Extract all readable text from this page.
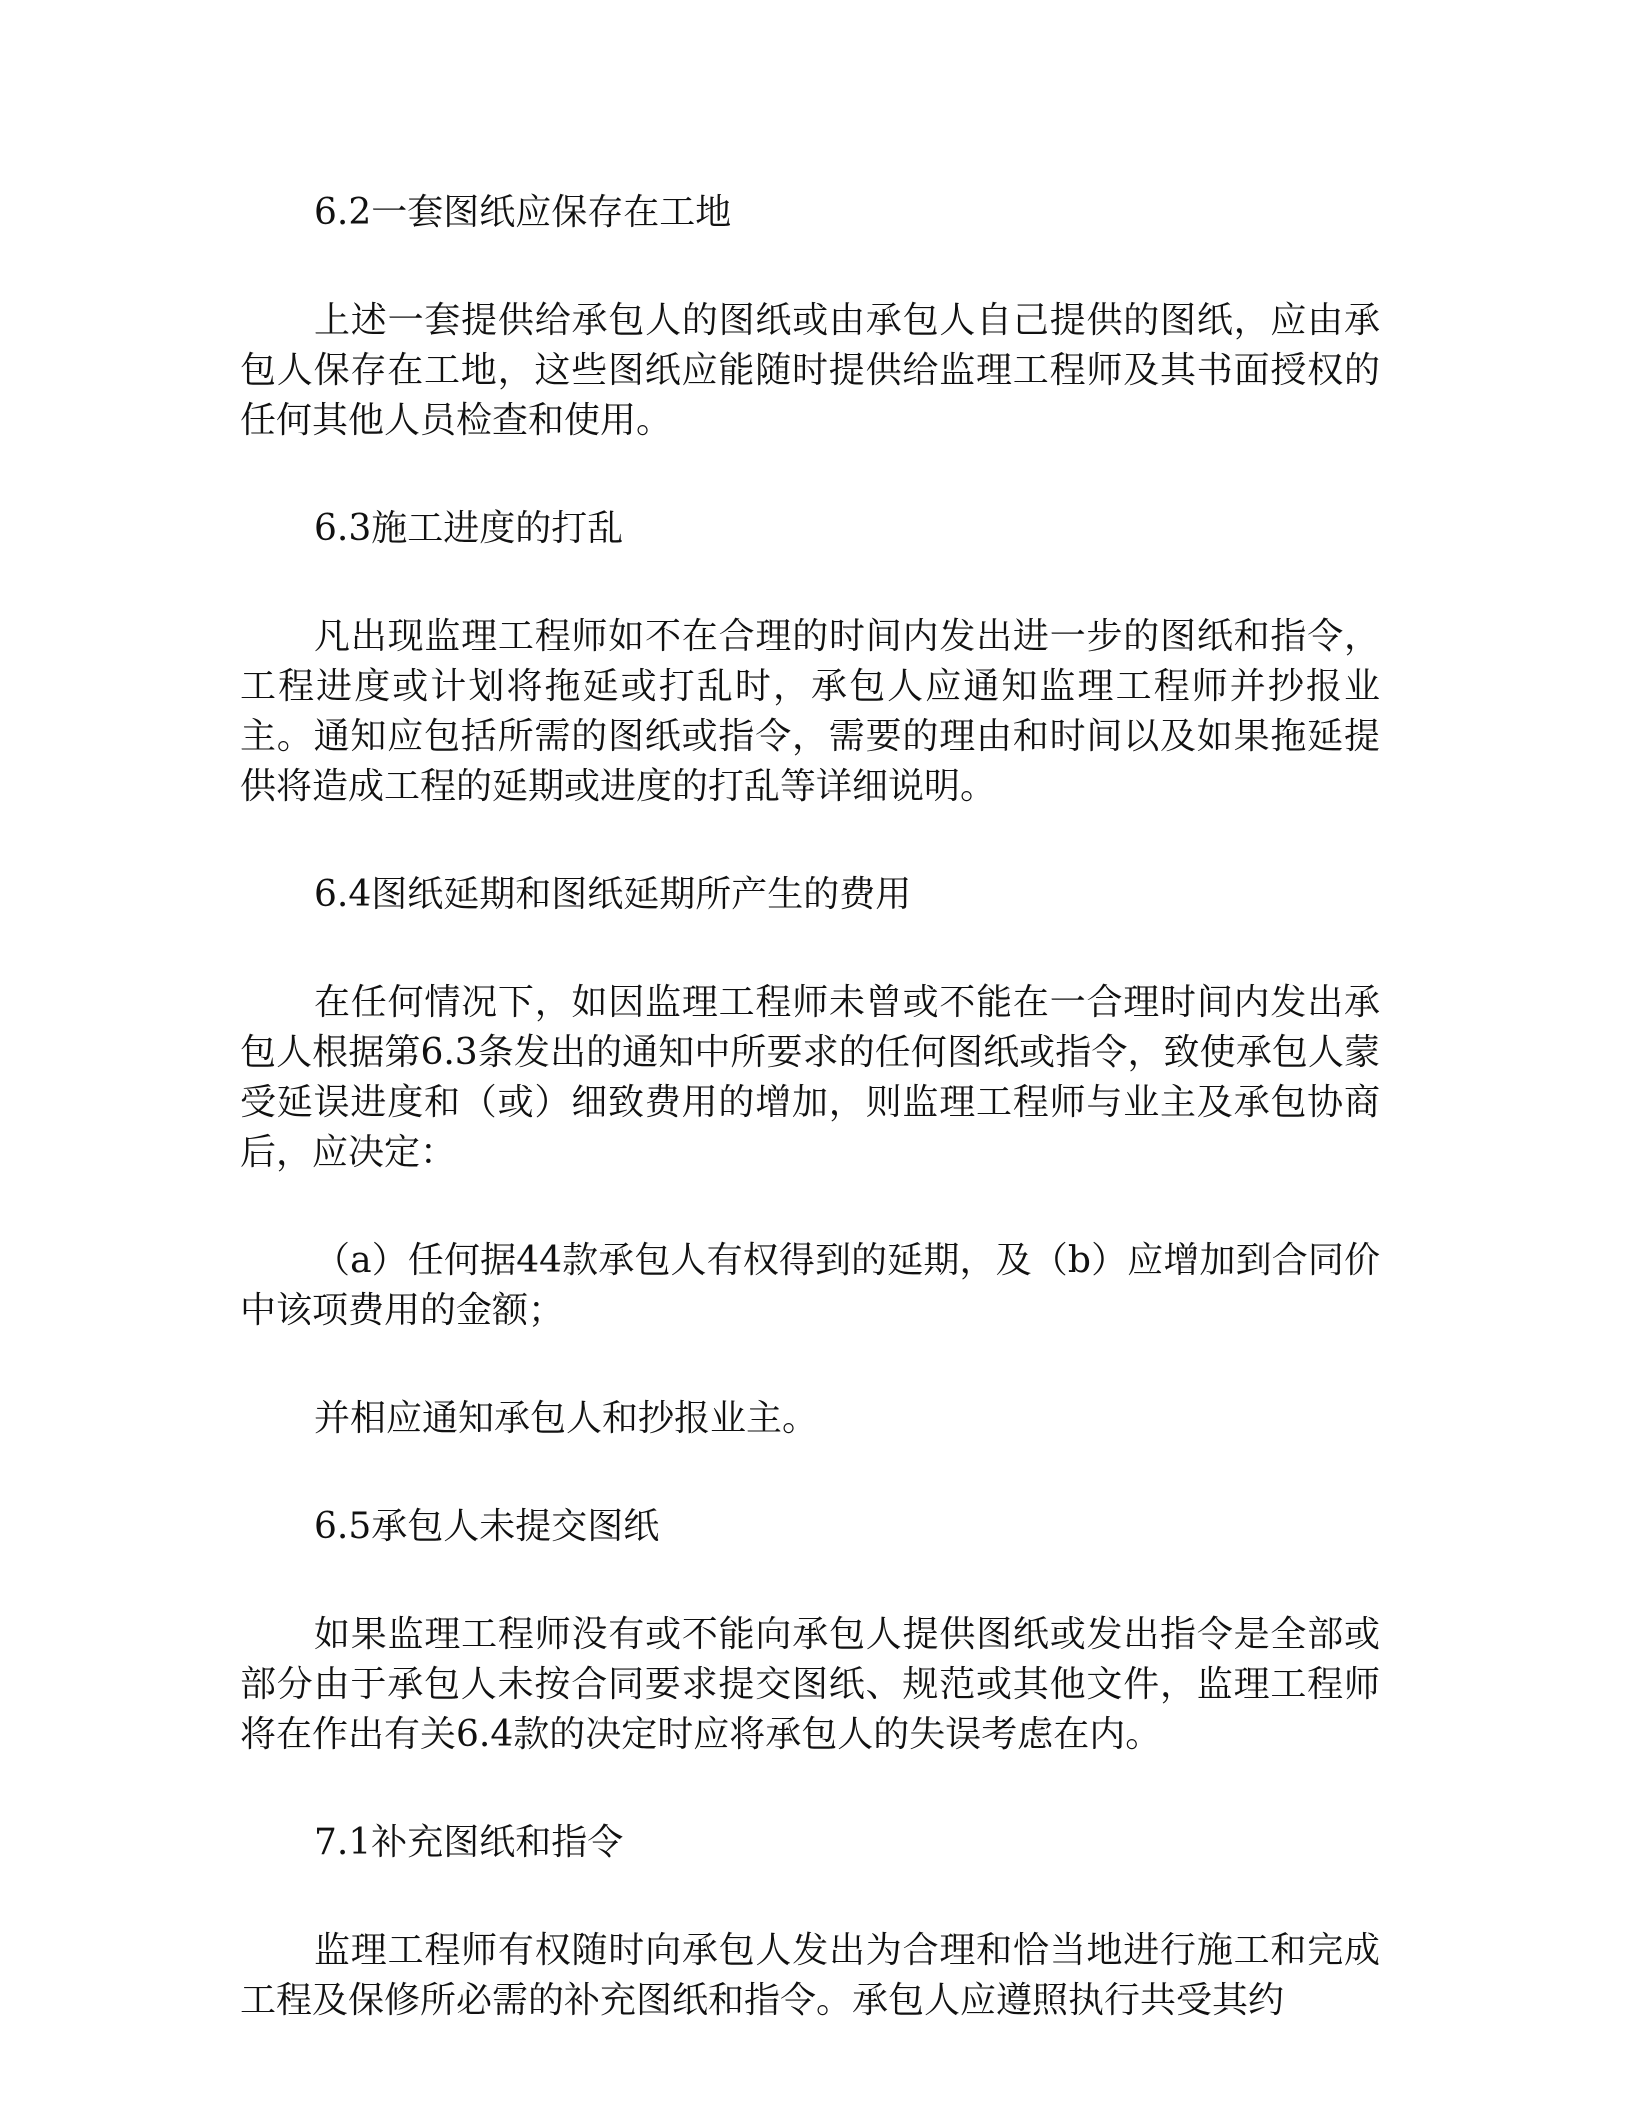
6.2一套图纸应保存在工地

上述一套提供给承包人的图纸或由承包人自己提供的图纸，应由承包人保存在工地，这些图纸应能随时提供给监理工程师及其书面授权的任何其他人员检查和使用。

6.3施工进度的打乱

凡出现监理工程师如不在合理的时间内发出进一步的图纸和指令，工程进度或计划将拖延或打乱时，承包人应通知监理工程师并抄报业主。通知应包括所需的图纸或指令，需要的理由和时间以及如果拖延提供将造成工程的延期或进度的打乱等详细说明。

6.4图纸延期和图纸延期所产生的费用

在任何情况下，如因监理工程师未曾或不能在一合理时间内发出承包人根据第6.3条发出的通知中所要求的任何图纸或指令，致使承包人蒙受延误进度和（或）细致费用的增加，则监理工程师与业主及承包协商后，应决定：

（a）任何据44款承包人有权得到的延期，及（b）应增加到合同价中该项费用的金额；

并相应通知承包人和抄报业主。

6.5承包人未提交图纸

如果监理工程师没有或不能向承包人提供图纸或发出指令是全部或部分由于承包人未按合同要求提交图纸、规范或其他文件，监理工程师将在作出有关6.4款的决定时应将承包人的失误考虑在内。

7.1补充图纸和指令

监理工程师有权随时向承包人发出为合理和恰当地进行施工和完成工程及保修所必需的补充图纸和指令。承包人应遵照执行共受其约
